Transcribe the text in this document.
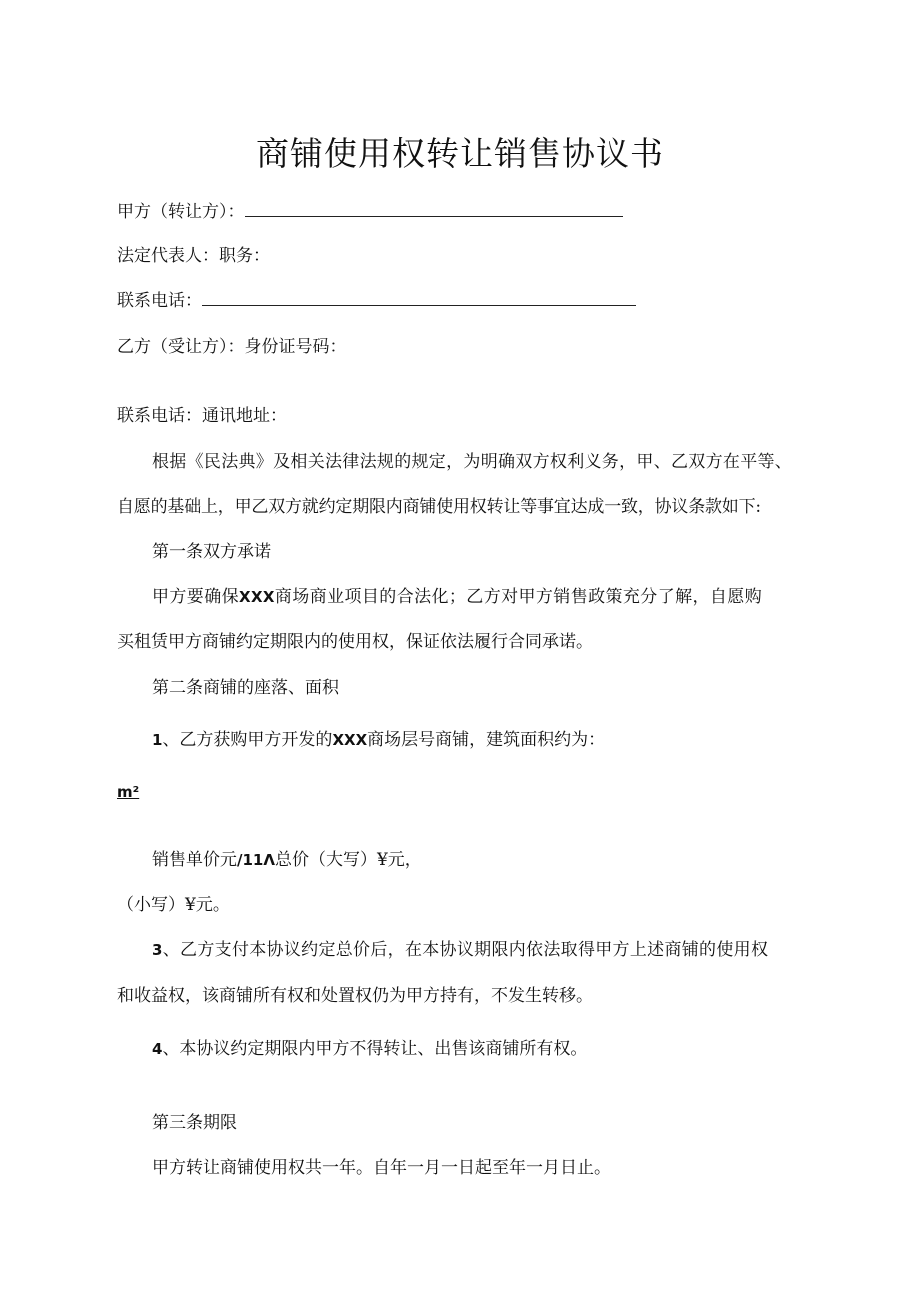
商铺使用权转让销售协议书
甲方（转让方）：
法定代表人：职务：
联系电话：
乙方（受让方）：身份证号码：
联系电话：通讯地址：
根据《民法典》及相关法律法规的规定，为明确双方权利义务，甲、乙双方在平等、
自愿的基础上，甲乙双方就约定期限内商铺使用权转让等事宜达成一致，协议条款如下:
第一条双方承诺
甲方要确保XXX商场商业项目的合法化；乙方对甲方销售政策充分了解，自愿购
买租赁甲方商铺约定期限内的使用权，保证依法履行合同承诺。
第二条商铺的座落、面积
1、乙方获购甲方开发的XXX商场层号商铺，建筑面积约为：
m²
销售单价元/11Λ总价（大写）¥元，
（小写）¥元。
3、乙方支付本协议约定总价后，在本协议期限内依法取得甲方上述商铺的使用权
和收益权，该商铺所有权和处置权仍为甲方持有，不发生转移。
4、本协议约定期限内甲方不得转让、出售该商铺所有权。
第三条期限
甲方转让商铺使用权共一年。自年一月一日起至年一月日止。
